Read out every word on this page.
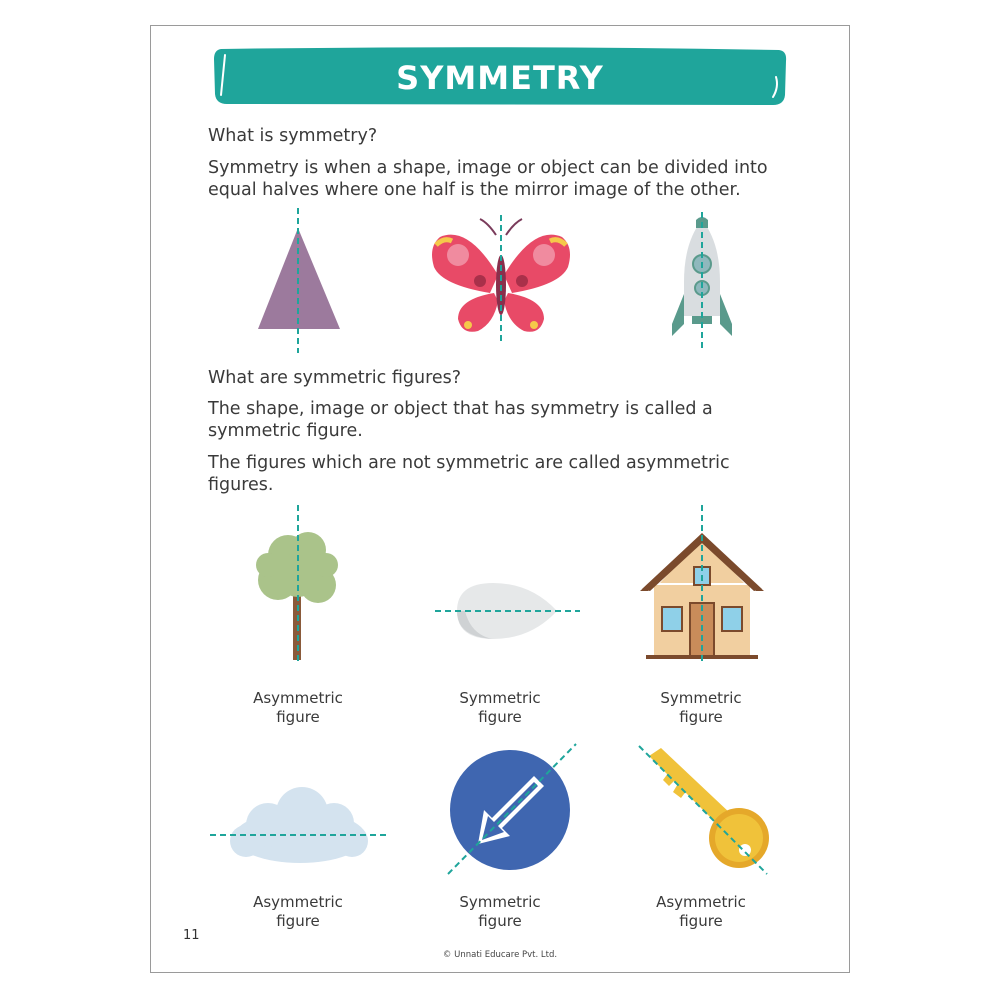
SYMMETRY
What is symmetry?
Symmetry is when a shape, image or object can be divided into
equal halves where one half is the mirror image of the other.
What are symmetric figures?
The shape, image or object that has symmetry is called a
symmetric figure.
The figures which are not symmetric are called asymmetric
figures.
Asymmetric
figure
Symmetric
figure
Symmetric
figure
Asymmetric
figure
Symmetric
figure
Asymmetric
figure
11
© Unnati Educare Pvt. Ltd.
